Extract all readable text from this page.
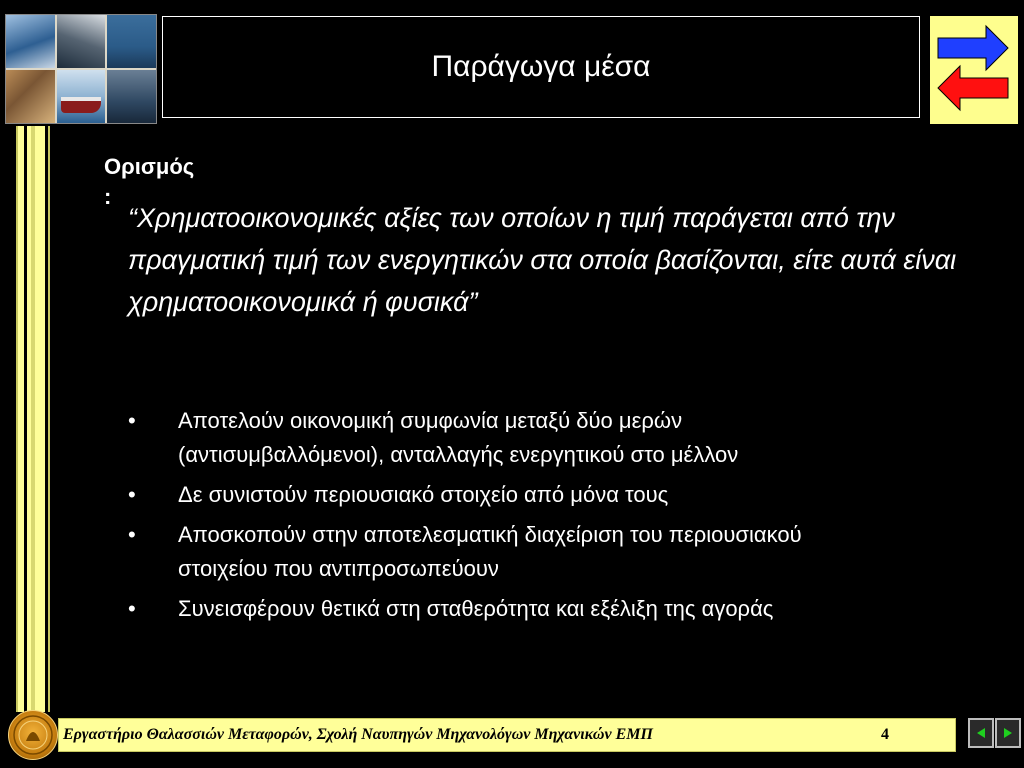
Παράγωγα μέσα
Ορισμός
:
“Χρηματοοικονομικές αξίες των οποίων η τιμή παράγεται από την πραγματική τιμή των ενεργητικών στα οποία βασίζονται, είτε αυτά είναι χρηματοοικονομικά ή φυσικά”
• Αποτελούν οικονομική συμφωνία μεταξύ δύο μερών (αντισυμβαλλόμενοι), ανταλλαγής ενεργητικού στο μέλλον
• Δε συνιστούν περιουσιακό στοιχείο από μόνα τους
• Αποσκοπούν στην αποτελεσματική διαχείριση του περιουσιακού στοιχείου που αντιπροσωπεύουν
• Συνεισφέρουν θετικά στη σταθερότητα και εξέλιξη της αγοράς
Εργαστήριο Θαλασσιών Μεταφορών, Σχολή Ναυπηγών Μηχανολόγων Μηχανικών ΕΜΠ	4
